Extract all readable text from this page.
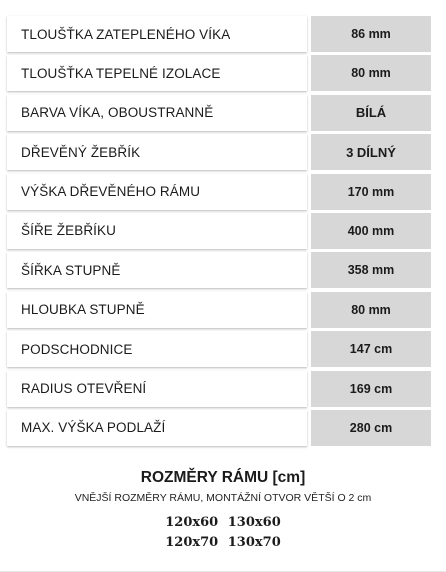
TLOUŠŤKA ZATEPLENÉHO VÍKA	86 mm
TLOUŠŤKA TEPELNÉ IZOLACE	80 mm
BARVA VÍKA, OBOUSTRANNĚ	BÍLÁ
DŘEVĚNÝ ŽEBŘÍK	3 DÍLNÝ
VÝŠKA DŘEVĚNÉHO RÁMU	170 mm
ŠÍŘE ŽEBŘÍKU	400 mm
ŠÍŘKA STUPNĚ	358 mm
HLOUBKA STUPNĚ	80 mm
PODSCHODNICE	147 cm
RADIUS OTEVŘENÍ	169 cm
MAX. VÝŠKA PODLAŽÍ	280 cm
ROZMĚRY RÁMU [cm]
VNĚJŠÍ ROZMĚRY RÁMU, MONTÁŽNÍ OTVOR VĚTŠÍ O 2 cm
120x60 130x60
120x70 130x70
